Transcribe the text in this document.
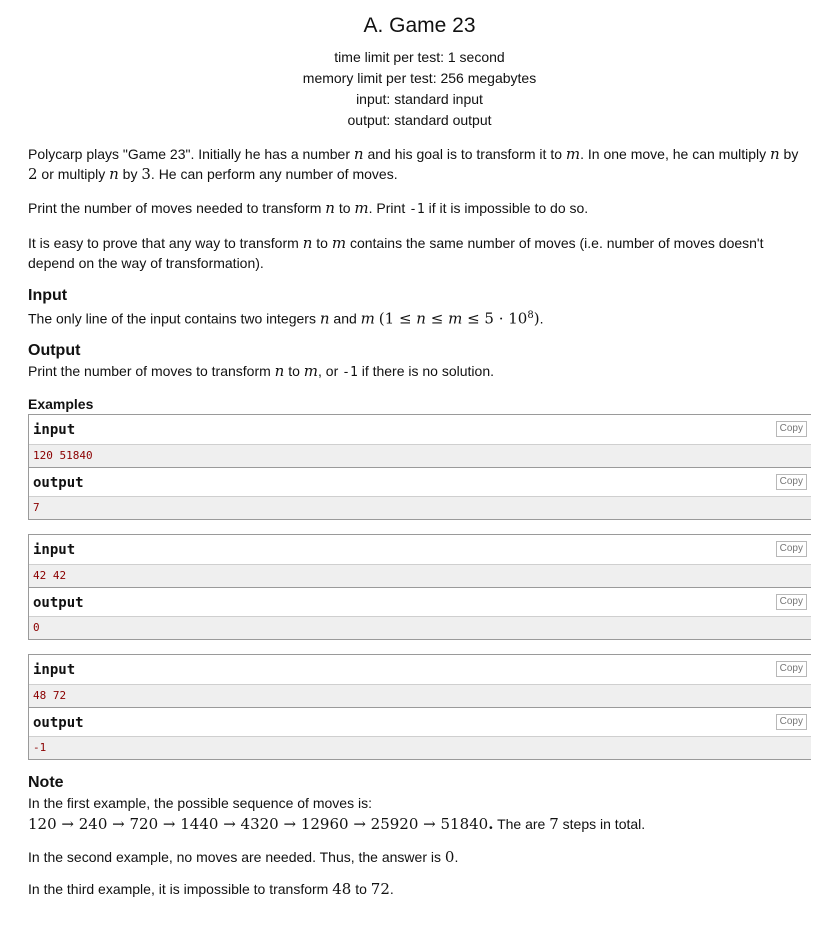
A. Game 23
time limit per test: 1 second
memory limit per test: 256 megabytes
input: standard input
output: standard output

Polycarp plays "Game 23". Initially he has a number n and his goal is to transform it to m. In one move, he can multiply n by 2 or multiply n by 3. He can perform any number of moves.

Print the number of moves needed to transform n to m. Print -1 if it is impossible to do so.

It is easy to prove that any way to transform n to m contains the same number of moves (i.e. number of moves doesn't depend on the way of transformation).

Input

The only line of the input contains two integers n and m $(1 \le n \le m \le 5 \cdot 10^8)$.

Output

Print the number of moves to transform n to m, or -1 if there is no solution.

Examples
input	Copy
120 51840
output	Copy
7
input	Copy
42 42
output	Copy
0
input	Copy
48 72
output	Copy
-1
Note

In the first example, the possible sequence of moves is:

120 → 240 → 720 → 1440 → 4320 → 12960 → 25920 → 51840. The are 7 steps in total.

In the second example, no moves are needed. Thus, the answer is 0.

In the third example, it is impossible to transform 48 to 72.
